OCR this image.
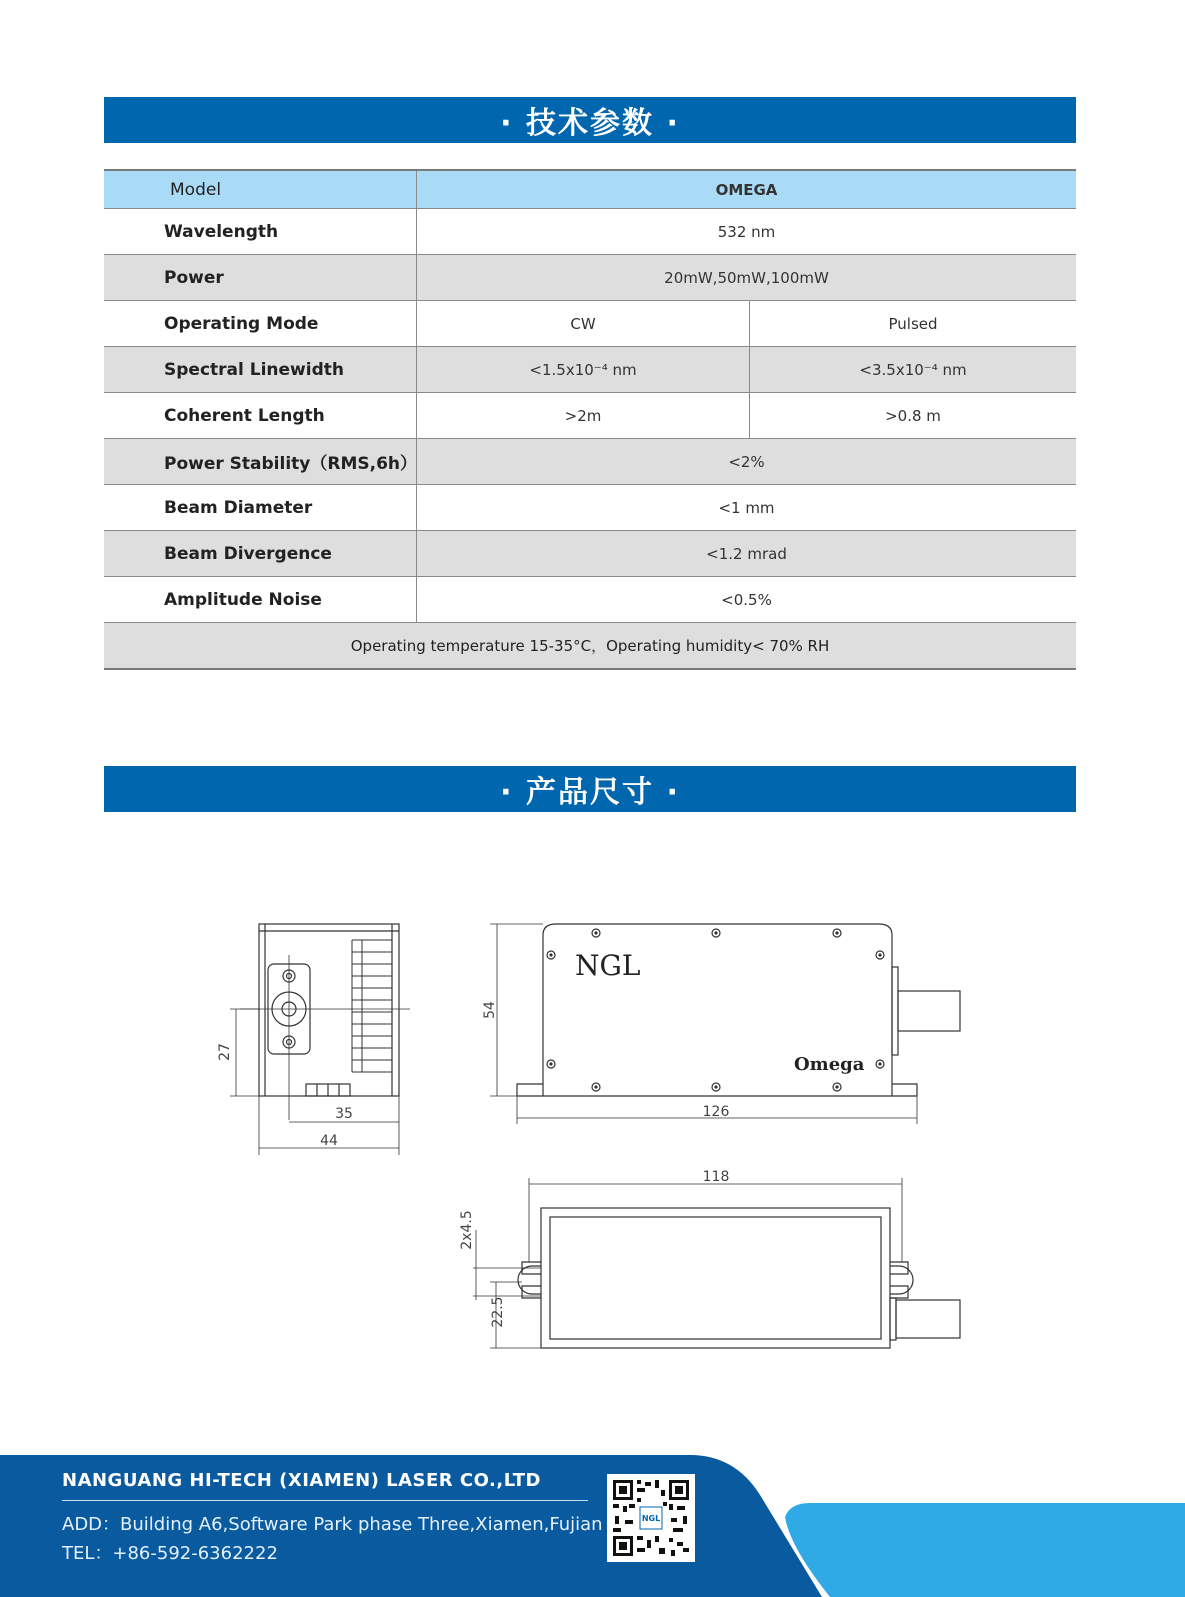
· 技术参数 ·
Model	OMEGA	
Wavelength	532 nm	
Power	20mW,50mW,100mW	
Operating Mode	CW	Pulsed
Spectral Linewidth	<1.5x10⁻⁴ nm	<3.5x10⁻⁴ nm
Coherent Length	>2m	>0.8 m
Power Stability（RMS,6h）	<2%	
Beam Diameter	<1 mm	
Beam Divergence	<1.2 mrad	
Amplitude Noise	<0.5%	
Operating temperature 15-35°C，Operating humidity< 70% RH		
· 产品尺寸 ·
27
35
44
NGL
Omega
54
126
118
2x4.5
22.5
NANGUANG HI-TECH (XIAMEN) LASER CO.,LTD
ADD：Building A6,Software Park phase Three,Xiamen,Fujian
TEL：+86-592-6362222
NGL
